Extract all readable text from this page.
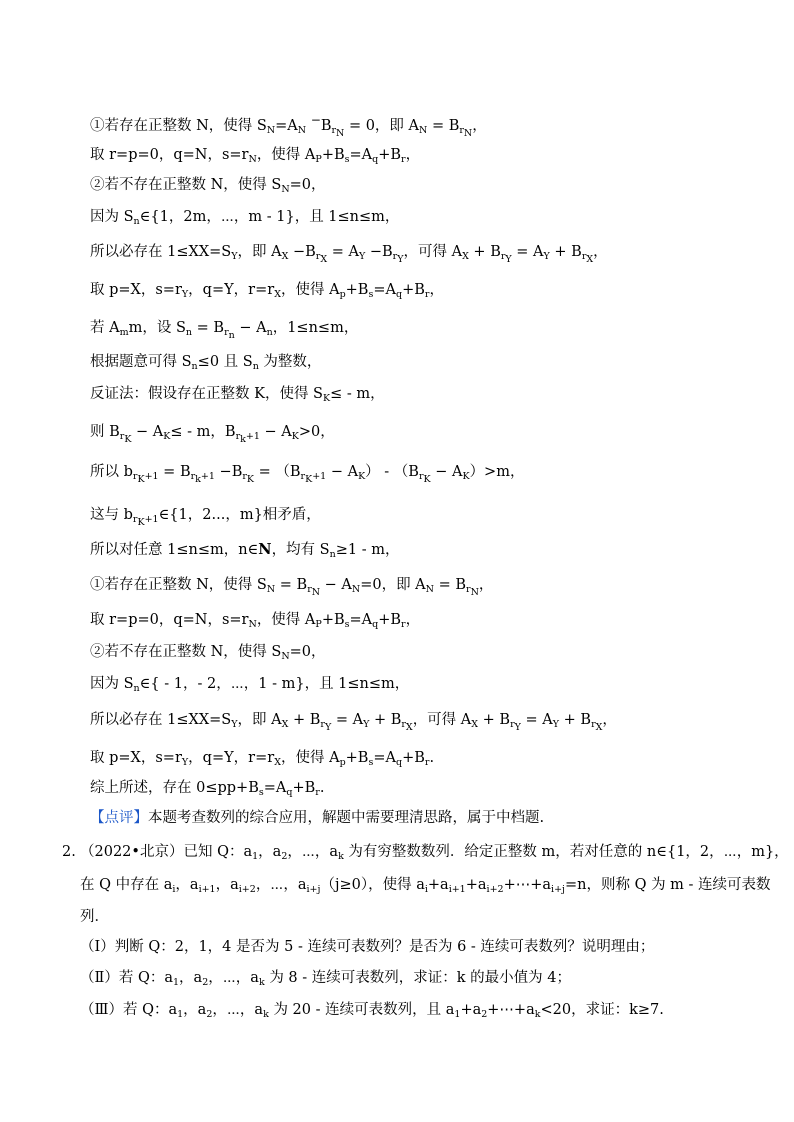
①若存在正整数 N，使得 $S_N=A_N$ $^-B_{r_N} = 0$，即 $A_N = B_{r_N}$，
取 r=p=0，q=N，$s=r_N$，使得 $A_P+B_s=A_q+B_r$，
②若不存在正整数 N，使得 $S_N=0$，
因为 $S_n\in\{1$，2m，⋯，m - 1}，且 1≤n≤m，
所以必存在 $1\le XX=S_Y$，即 $A_X -B_{r_X} = A_Y -B_{r_Y}$，可得 $A_X + B_{r_Y} = A_Y + B_{r_X}$，
取 p=X，$s=r_Y$，q=Y，$r=r_X$，使得 $A_p+B_s=A_q+B_r$，
若 $A_mm$，设 $S_n = B_{r_n} - A_n$，1≤n≤m，
根据题意可得 $S_n\le 0$ 且 $S_n$ 为整数，
反证法：假设存在正整数 K，使得 $S_K\le - m$，
则 $B_{r_K} - A_K\le - m$，$B_{r_k+1} - A_K>0$，
所以 $b_{r_K+1} = B_{r_k+1} -B_{r_K} = (B_{r_K+1} - A_K) - (B_{r_K} - A_K)>m$，
这与 $b_{r_K+1}\in\{1$，2...，m}相矛盾，
所以对任意 1≤n≤m，n∈N，均有 $S_n\ge 1 - m$，
①若存在正整数 N，使得 $S_N = B_{r_N} - A_N=0$，即 $A_N = B_{r_N}$，
取 r=p=0，q=N，$s=r_N$，使得 $A_P+B_s=A_q+B_r$，
②若不存在正整数 N，使得 $S_N=0$，
因为 $S_n\in\{ - 1$，- 2，⋯，1 - m}，且 1≤n≤m，
所以必存在 $1\le XX=S_Y$，即 $A_X + B_{r_Y} = A_Y + B_{r_X}$，可得 $A_X + B_{r_Y} = A_Y + B_{r_X}$，
取 p=X，$s=r_Y$，q=Y，$r=r_X$，使得 $A_p+B_s=A_q+B_r$.
综上所述，存在 $0\le pp+B_s=A_q+B_r$.
【点评】本题考查数列的综合应用，解题中需要理清思路，属于中档题.
2. （2022•北京）已知 Q：$a_1$，$a_2$，⋯，$a_k$ 为有穷整数数列．给定正整数 m，若对任意的 n∈{1，2，⋯，m}，
在 Q 中存在 $a_i$，$a_{i+1}$，$a_{i+2}$，⋯，$a_{i+j}(j\ge 0)$，使得 $a_i+a_{i+1}+a_{i+2}+\cdots+a_{i+j}=n$，则称 Q 为 m - 连续可表数
列．
（Ⅰ）判断 Q：2，1，4 是否为 5 - 连续可表数列？是否为 6 - 连续可表数列？说明理由；
（Ⅱ）若 Q：$a_1$，$a_2$，⋯，$a_k$ 为 8 - 连续可表数列，求证：k 的最小值为 4；
（Ⅲ）若 Q：$a_1$，$a_2$，⋯，$a_k$ 为 20 - 连续可表数列，且 $a_1+a_2+\cdots+a_k<20$，求证：k≥7.
